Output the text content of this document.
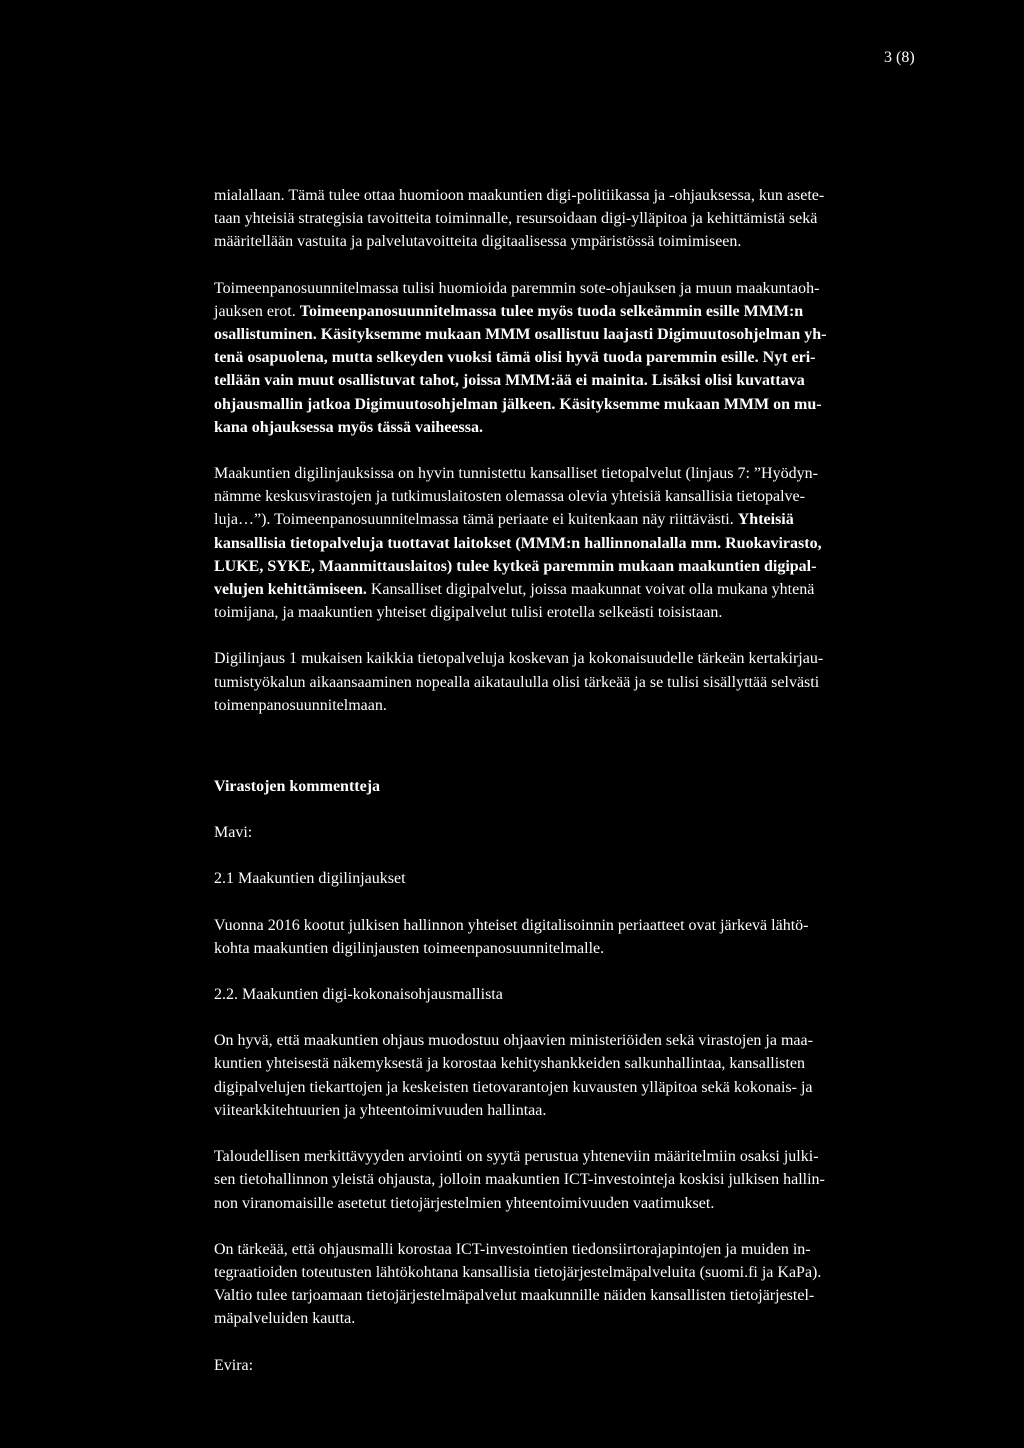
3 (8)

mialallaan. Tämä tulee ottaa huomioon maakuntien digi-politiikassa ja -ohjauksessa, kun asete-
taan yhteisiä strategisia tavoitteita toiminnalle, resursoidaan digi-ylläpitoa ja kehittämistä sekä
määritellään vastuita ja palvelutavoitteita digitaalisessa ympäristössä toimimiseen.

Toimeenpanosuunnitelmassa tulisi huomioida paremmin sote-ohjauksen ja muun maakuntaoh-
jauksen erot. Toimeenpanosuunnitelmassa tulee myös tuoda selkeämmin esille MMM:n
osallistuminen. Käsityksemme mukaan MMM osallistuu laajasti Digimuutosohjelman yh-
tenä osapuolena, mutta selkeyden vuoksi tämä olisi hyvä tuoda paremmin esille. Nyt eri-
tellään vain muut osallistuvat tahot, joissa MMM:ää ei mainita. Lisäksi olisi kuvattava
ohjausmallin jatkoa Digimuutosohjelman jälkeen. Käsityksemme mukaan MMM on mu-
kana ohjauksessa myös tässä vaiheessa.

Maakuntien digilinjauksissa on hyvin tunnistettu kansalliset tietopalvelut (linjaus 7: ”Hyödyn-
nämme keskusvirastojen ja tutkimuslaitosten olemassa olevia yhteisiä kansallisia tietopalve-
luja…”). Toimeenpanosuunnitelmassa tämä periaate ei kuitenkaan näy riittävästi. Yhteisiä
kansallisia tietopalveluja tuottavat laitokset (MMM:n hallinnonalalla mm. Ruokavirasto,
LUKE, SYKE, Maanmittauslaitos) tulee kytkeä paremmin mukaan maakuntien digipal-
velujen kehittämiseen. Kansalliset digipalvelut, joissa maakunnat voivat olla mukana yhtenä
toimijana, ja maakuntien yhteiset digipalvelut tulisi erotella selkeästi toisistaan.

Digilinjaus 1 mukaisen kaikkia tietopalveluja koskevan ja kokonaisuudelle tärkeän kertakirjau-
tumistyökalun aikaansaaminen nopealla aikataululla olisi tärkeää ja se tulisi sisällyttää selvästi
toimenpanosuunnitelmaan.

Virastojen kommentteja

Mavi:

2.1 Maakuntien digilinjaukset

Vuonna 2016 kootut julkisen hallinnon yhteiset digitalisoinnin periaatteet ovat järkevä lähtö-
kohta maakuntien digilinjausten toimeenpanosuunnitelmalle.

2.2. Maakuntien digi-kokonaisohjausmallista

On hyvä, että maakuntien ohjaus muodostuu ohjaavien ministeriöiden sekä virastojen ja maa-
kuntien yhteisestä näkemyksestä ja korostaa kehityshankkeiden salkunhallintaa, kansallisten
digipalvelujen tiekarttojen ja keskeisten tietovarantojen kuvausten ylläpitoa sekä kokonais- ja
viitearkkitehtuurien ja yhteentoimivuuden hallintaa.

Taloudellisen merkittävyyden arviointi on syytä perustua yhteneviin määritelmiin osaksi julki-
sen tietohallinnon yleistä ohjausta, jolloin maakuntien ICT-investointeja koskisi julkisen hallin-
non viranomaisille asetetut tietojärjestelmien yhteentoimivuuden vaatimukset.

On tärkeää, että ohjausmalli korostaa ICT-investointien tiedonsiirtorajapintojen ja muiden in-
tegraatioiden toteutusten lähtökohtana kansallisia tietojärjestelmäpalveluita (suomi.fi ja KaPa).
Valtio tulee tarjoamaan tietojärjestelmäpalvelut maakunnille näiden kansallisten tietojärjestel-
mäpalveluiden kautta.

Evira:
